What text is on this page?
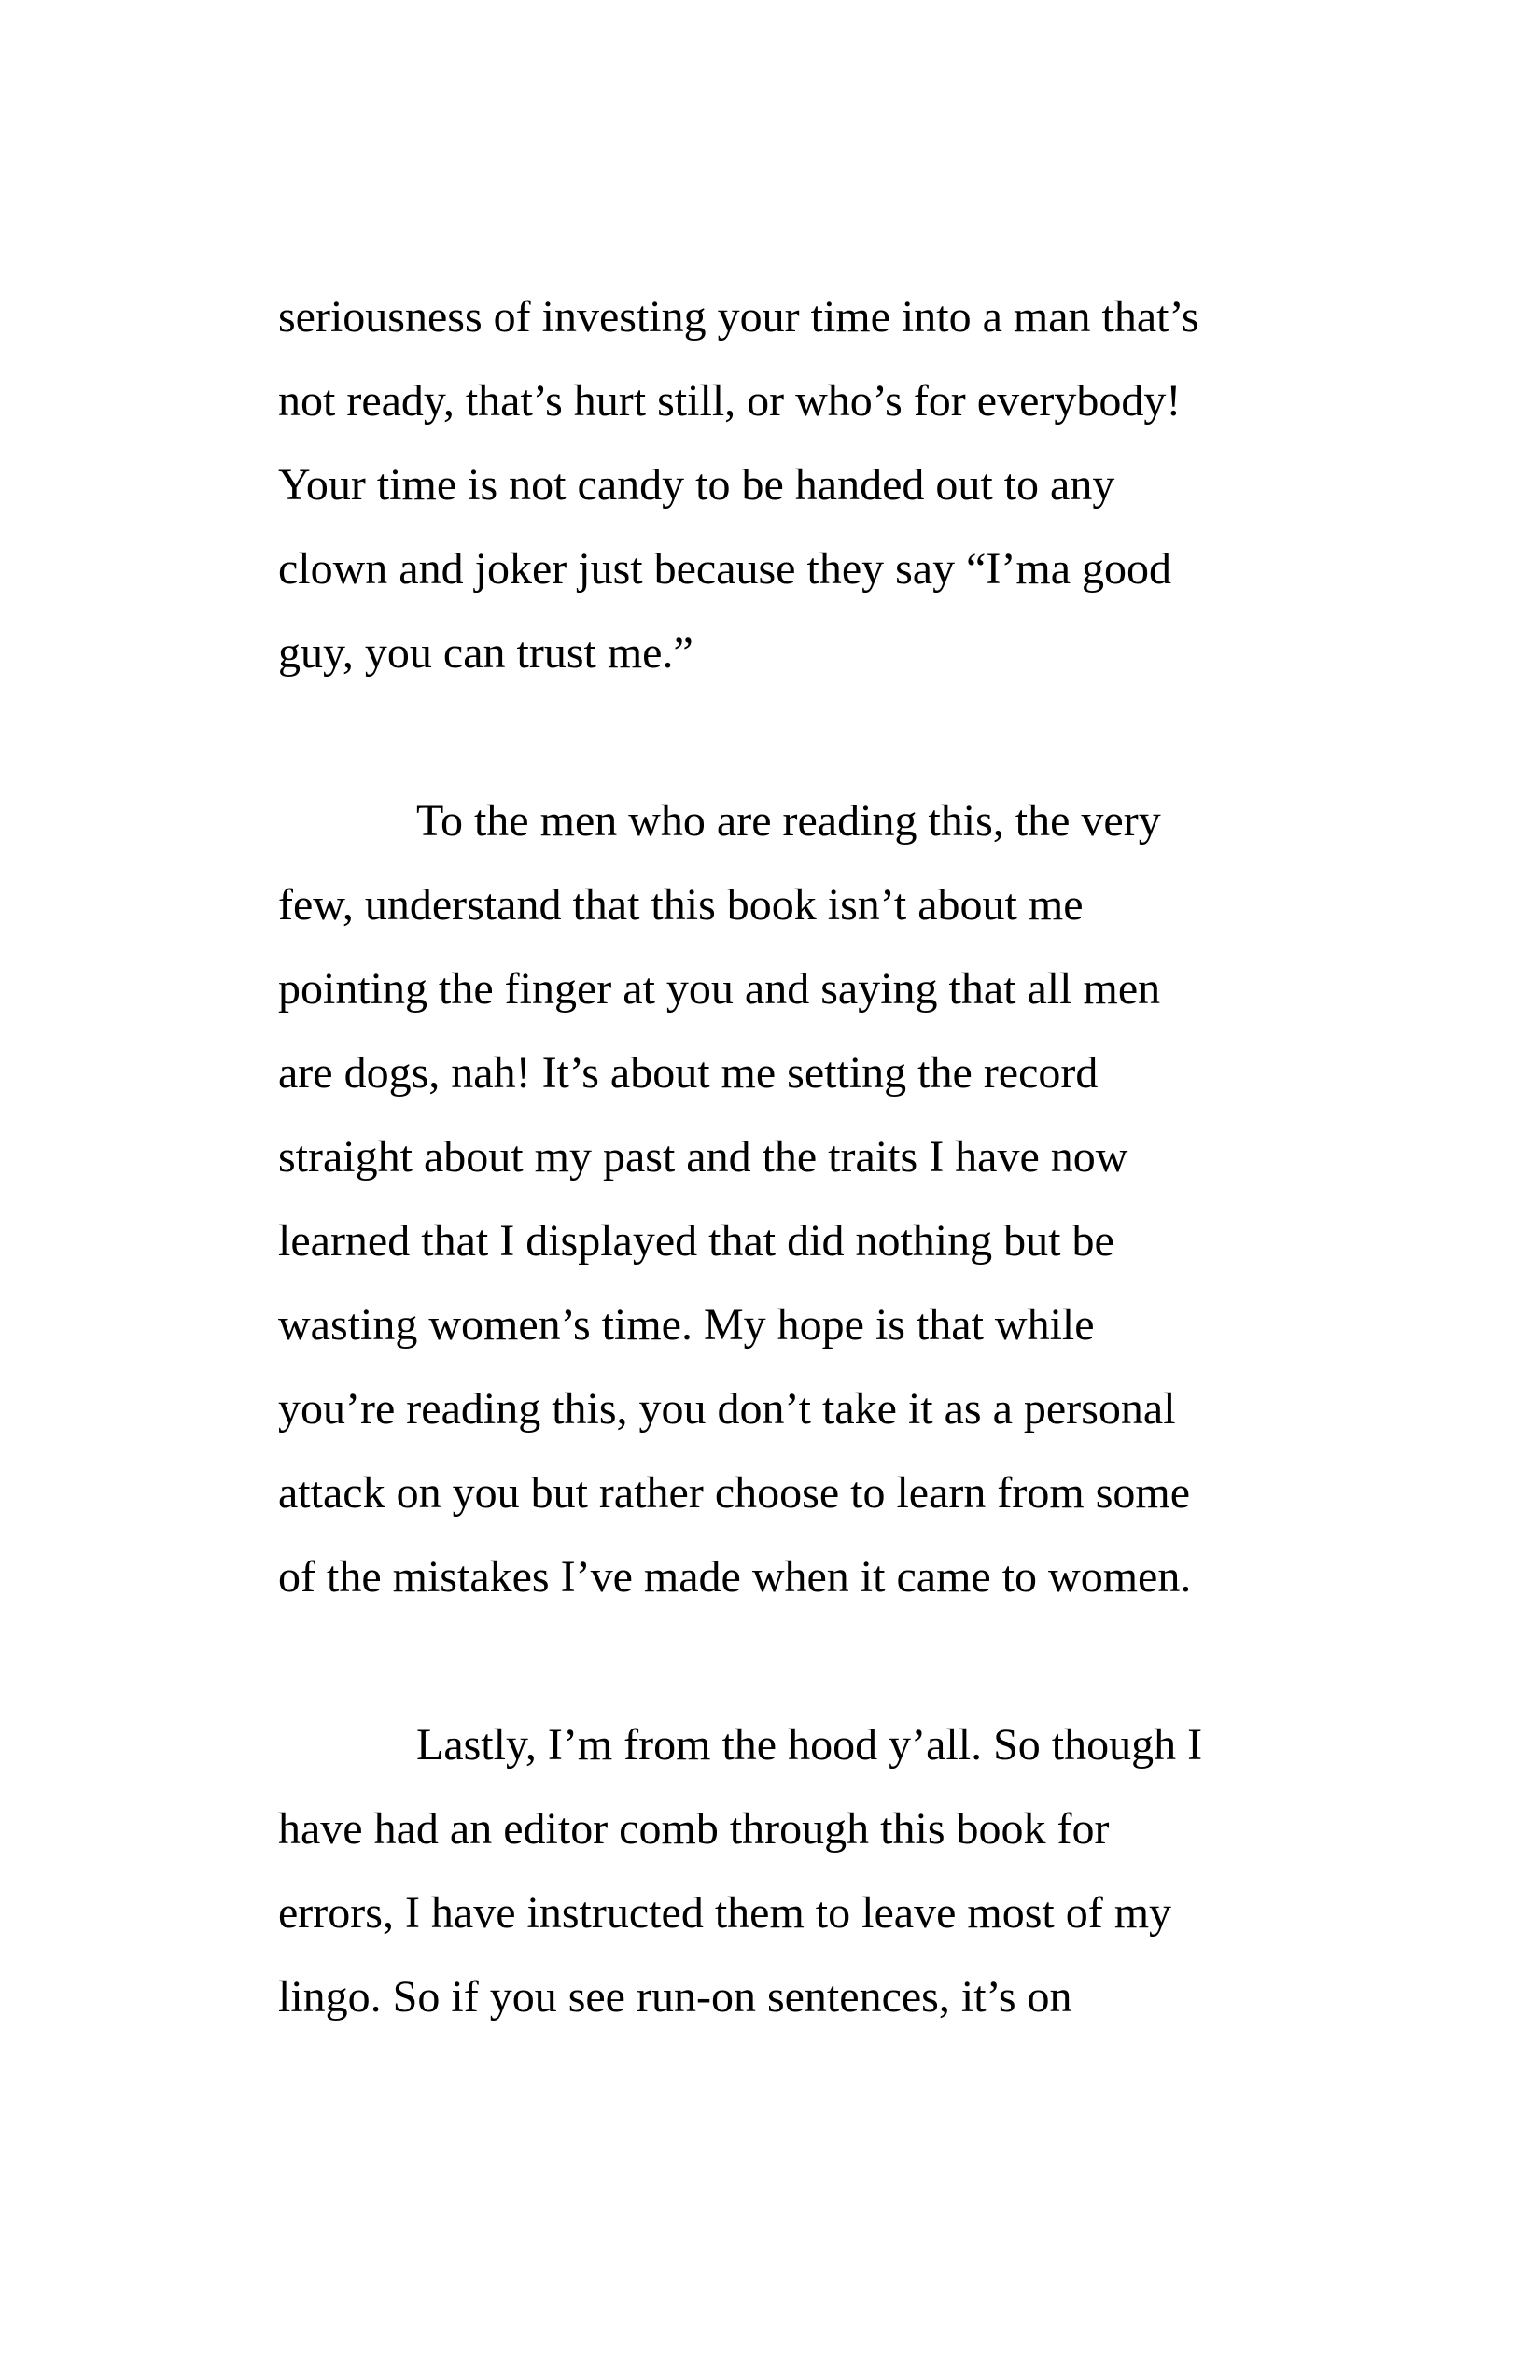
seriousness of investing your time into a man that’s
not ready, that’s hurt still, or who’s for everybody!
Your time is not candy to be handed out to any
clown and joker just because they say “I’ma good
guy, you can trust me.”
To the men who are reading this, the very
few, understand that this book isn’t about me
pointing the finger at you and saying that all men
are dogs, nah! It’s about me setting the record
straight about my past and the traits I have now
learned that I displayed that did nothing but be
wasting women’s time. My hope is that while
you’re reading this, you don’t take it as a personal
attack on you but rather choose to learn from some
of the mistakes I’ve made when it came to women.
Lastly, I’m from the hood y’all. So though I
have had an editor comb through this book for
errors, I have instructed them to leave most of my
lingo. So if you see run-on sentences, it’s on
